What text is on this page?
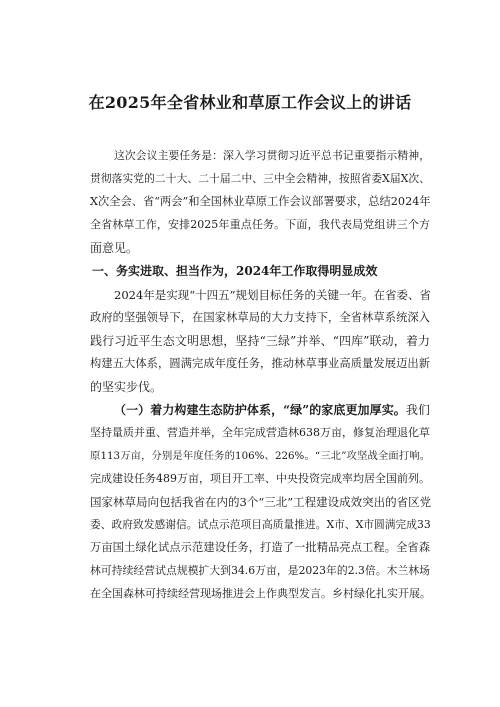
在2025年全省林业和草原工作会议上的讲话
这次会议主要任务是：深入学习贯彻习近平总书记重要指示精神，
贯彻落实党的二十大、二十届二中、三中全会精神，按照省委X届X次、
X次全会、省“两会”和全国林业草原工作会议部署要求，总结2024年
全省林草工作，安排2025年重点任务。下面，我代表局党组讲三个方
面意见。
一、务实进取、担当作为，2024年工作取得明显成效
2024年是实现“十四五”规划目标任务的关键一年。在省委、省
政府的坚强领导下，在国家林草局的大力支持下，全省林草系统深入
践行习近平生态文明思想，坚持“三绿”并举、“四库”联动，着力
构建五大体系，圆满完成年度任务，推动林草事业高质量发展迈出新
的坚实步伐。
（一）着力构建生态防护体系，“绿”的家底更加厚实。我们
坚持量质并重、营造并举，全年完成营造林638万亩，修复治理退化草
原113万亩，分别是年度任务的106%、226%。“三北”攻坚战全面打响。
完成建设任务489万亩，项目开工率、中央投资完成率均居全国前列。
国家林草局向包括我省在内的3个“三北”工程建设成效突出的省区党
委、政府致发感谢信。试点示范项目高质量推进。X市、X市圆满完成33
万亩国土绿化试点示范建设任务，打造了一批精品亮点工程。全省森
林可持续经营试点规模扩大到34.6万亩，是2023年的2.3倍。木兰林场
在全国森林可持续经营现场推进会上作典型发言。乡村绿化扎实开展。
